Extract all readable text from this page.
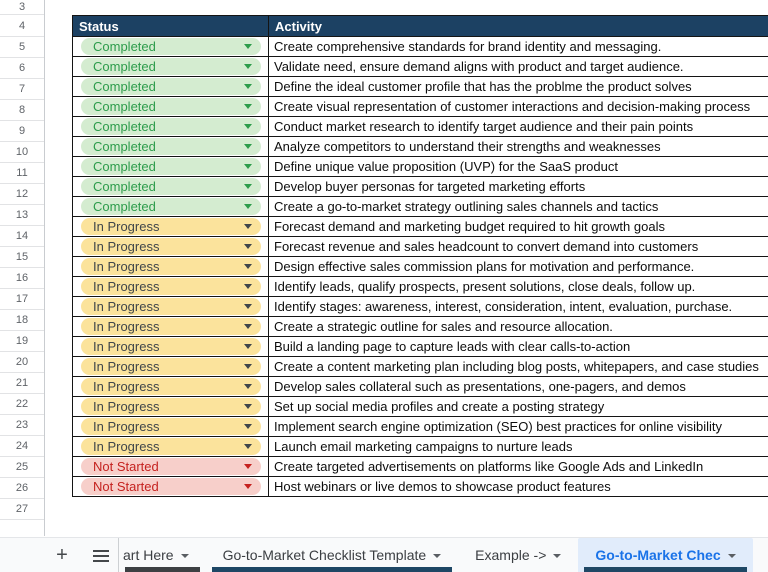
3
4
5
6
7
8
9
10
11
12
13
14
15
16
17
18
19
20
21
22
23
24
25
26
27
Status	Activity

Completed	Create comprehensive standards for brand identity and messaging.

Completed	Validate need, ensure demand aligns with product and target audience.

Completed	Define the ideal customer profile that has the problme the product solves

Completed	Create visual representation of customer interactions and decision-making process

Completed	Conduct market research to identify target audience and their pain points

Completed	Analyze competitors to understand their strengths and weaknesses

Completed	Define unique value proposition (UVP) for the SaaS product

Completed	Develop buyer personas for targeted marketing efforts

Completed	Create a go-to-market strategy outlining sales channels and tactics

In Progress	Forecast demand and marketing budget required to hit growth goals

In Progress	Forecast revenue and sales headcount to convert demand into customers

In Progress	Design effective sales commission plans for motivation and performance.

In Progress	Identify leads, qualify prospects, present solutions, close deals, follow up.

In Progress	Identify stages: awareness, interest, consideration, intent, evaluation, purchase.

In Progress	Create a strategic outline for sales and resource allocation.

In Progress	Build a landing page to capture leads with clear calls-to-action

In Progress	Create a content marketing plan including blog posts, whitepapers, and case studies

In Progress	Develop sales collateral such as presentations, one-pagers, and demos

In Progress	Set up social media profiles and create a posting strategy

In Progress	Implement search engine optimization (SEO) best practices for online visibility

In Progress	Launch email marketing campaigns to nurture leads

Not Started	Create targeted advertisements on platforms like Google Ads and LinkedIn

Not Started	Host webinars or live demos to showcase product features
+	art Here	Go-to-Market Checklist Template	Example ->	Go-to-Market Chec
